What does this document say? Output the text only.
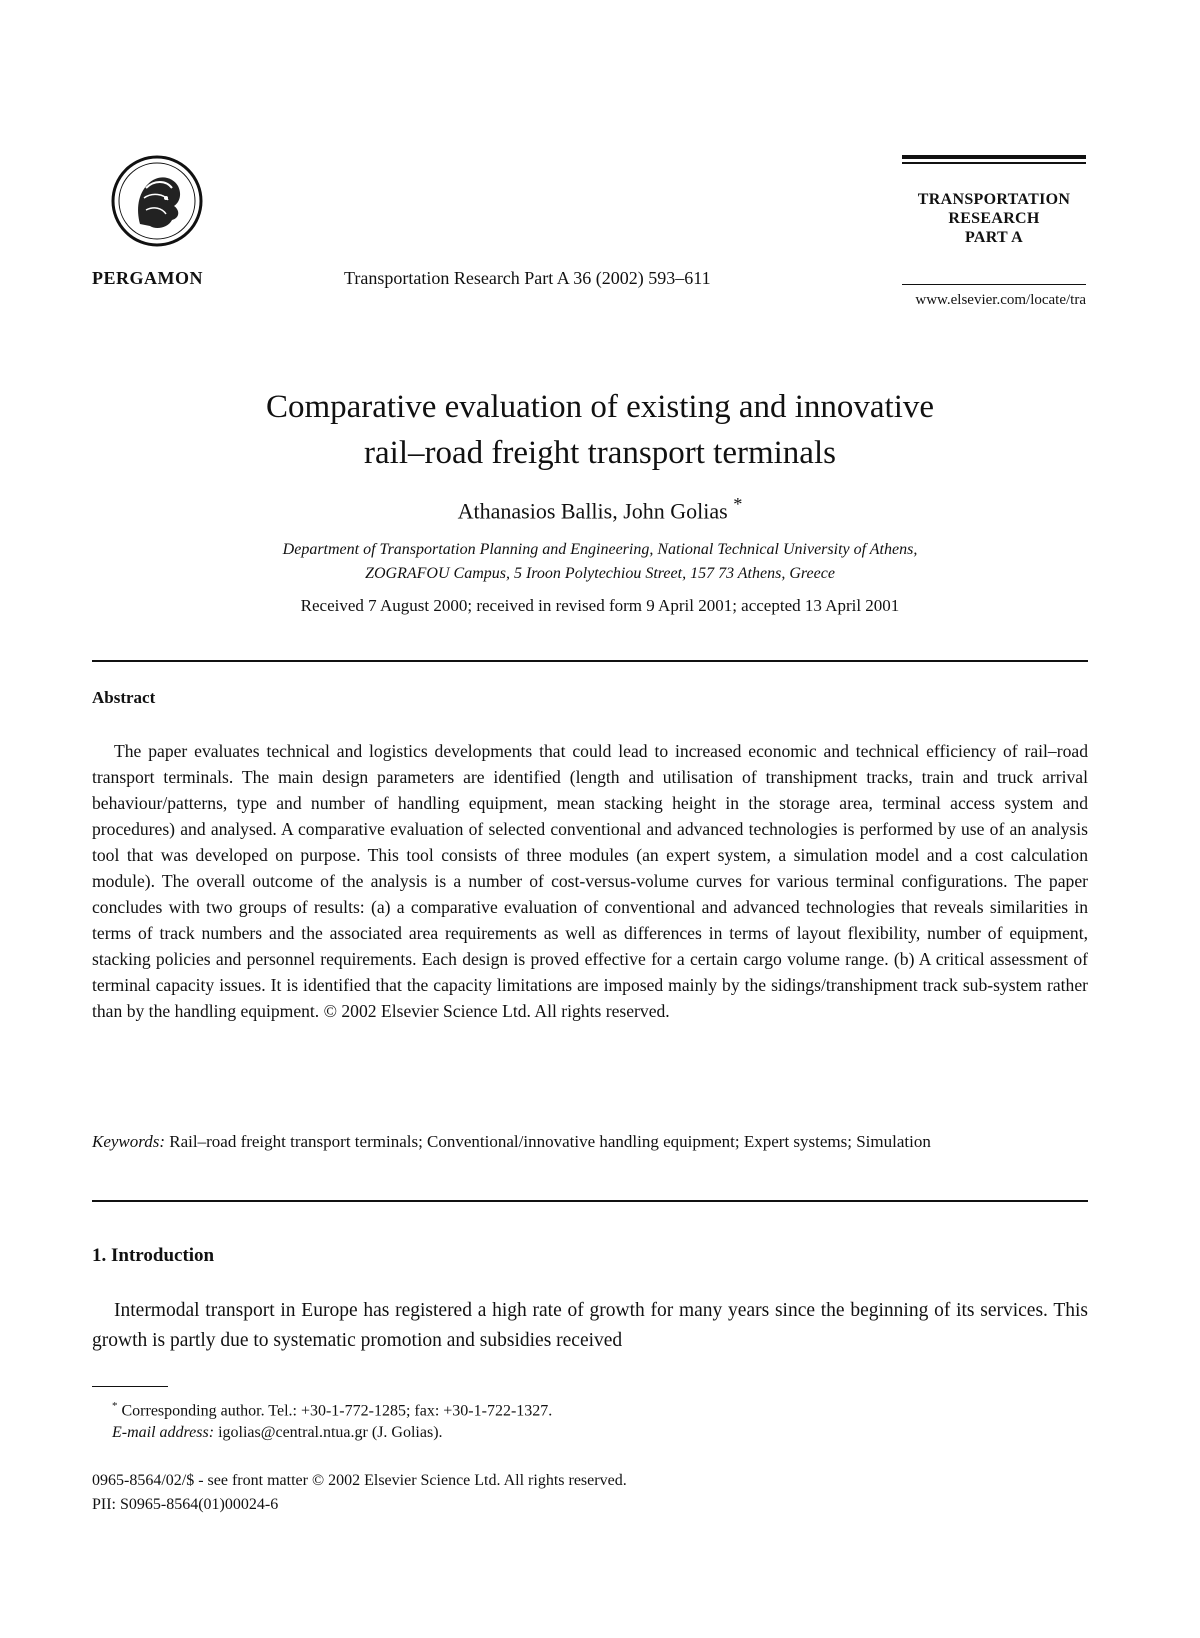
PERGAMON	Transportation Research Part A 36 (2002) 593–611
TRANSPORTATION
RESEARCH
PART A
www.elsevier.com/locate/tra
Comparative evaluation of existing and innovative
rail–road freight transport terminals
Athanasios Ballis, John Golias *
Department of Transportation Planning and Engineering, National Technical University of Athens,
ZOGRAFOU Campus, 5 Iroon Polytechiou Street, 157 73 Athens, Greece
Received 7 August 2000; received in revised form 9 April 2001; accepted 13 April 2001
Abstract
The paper evaluates technical and logistics developments that could lead to increased economic and technical efficiency of rail–road transport terminals. The main design parameters are identified (length and utilisation of transhipment tracks, train and truck arrival behaviour/patterns, type and number of handling equipment, mean stacking height in the storage area, terminal access system and procedures) and analysed. A comparative evaluation of selected conventional and advanced technologies is performed by use of an analysis tool that was developed on purpose. This tool consists of three modules (an expert system, a simulation model and a cost calculation module). The overall outcome of the analysis is a number of cost-versus-volume curves for various terminal configurations. The paper concludes with two groups of results: (a) a comparative evaluation of conventional and advanced technologies that reveals similarities in terms of track numbers and the associated area requirements as well as differences in terms of layout flexibility, number of equipment, stacking policies and personnel requirements. Each design is proved effective for a certain cargo volume range. (b) A critical assessment of terminal capacity issues. It is identified that the capacity limitations are imposed mainly by the sidings/transhipment track sub-system rather than by the handling equipment. © 2002 Elsevier Science Ltd. All rights reserved.
Keywords: Rail–road freight transport terminals; Conventional/innovative handling equipment; Expert systems; Simulation
1. Introduction
Intermodal transport in Europe has registered a high rate of growth for many years since the beginning of its services. This growth is partly due to systematic promotion and subsidies received
* Corresponding author. Tel.: +30-1-772-1285; fax: +30-1-722-1327.
E-mail address: igolias@central.ntua.gr (J. Golias).
0965-8564/02/$ - see front matter © 2002 Elsevier Science Ltd. All rights reserved.
PII: S0965-8564(01)00024-6
